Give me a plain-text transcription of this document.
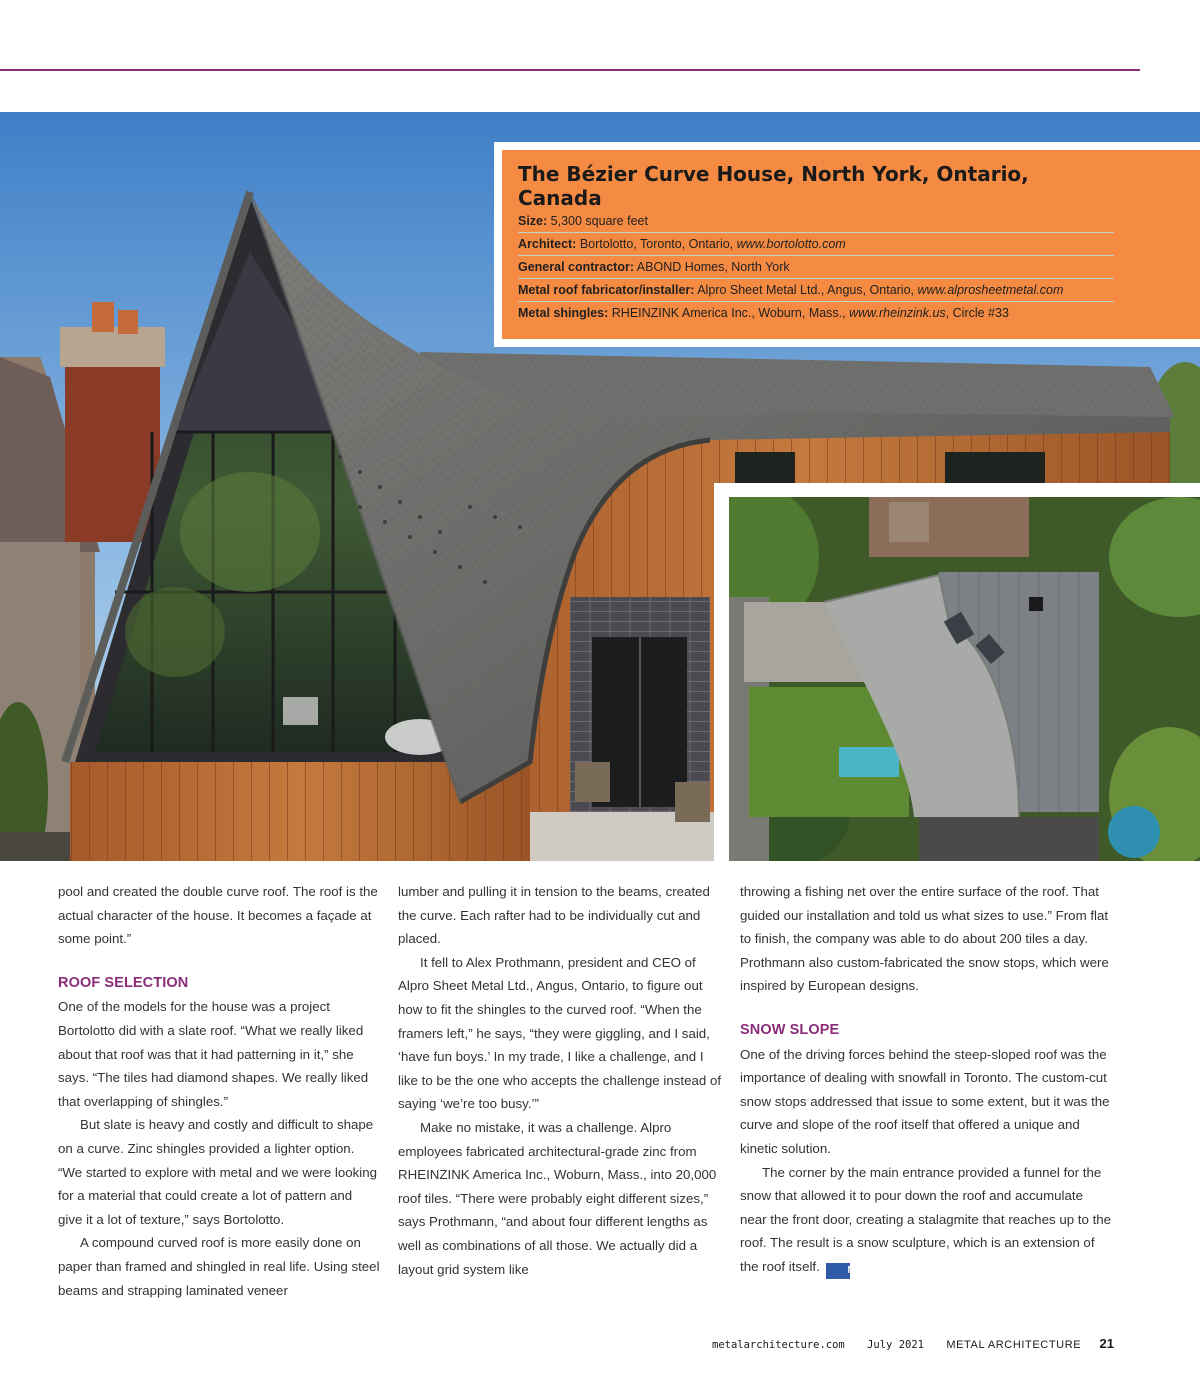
The Bézier Curve House, North York, Ontario, Canada
Size: 5,300 square feet
Architect: Bortolotto, Toronto, Ontario, www.bortolotto.com
General contractor: ABOND Homes, North York
Metal roof fabricator/installer: Alpro Sheet Metal Ltd., Angus, Ontario, www.alprosheetmetal.com
Metal shingles: RHEINZINK America Inc., Woburn, Mass., www.rheinzink.us, Circle #33

pool and created the double curve roof. The roof is the actual character of the house. It becomes a façade at some point.”

ROOF SELECTION

One of the models for the house was a project Bortolotto did with a slate roof. “What we really liked about that roof was that it had patterning in it,” she says. “The tiles had diamond shapes. We really liked that overlapping of shingles.”

But slate is heavy and costly and difficult to shape on a curve. Zinc shingles provided a lighter option. “We started to explore with metal and we were looking for a material that could create a lot of pattern and give it a lot of texture,” says Bortolotto.

A compound curved roof is more easily done on paper than framed and shingled in real life. Using steel beams and strapping laminated veneer

lumber and pulling it in tension to the beams, created the curve. Each rafter had to be individually cut and placed.

It fell to Alex Prothmann, president and CEO of Alpro Sheet Metal Ltd., Angus, Ontario, to figure out how to fit the shingles to the curved roof. “When the framers left,” he says, “they were giggling, and I said, ‘have fun boys.’ In my trade, I like a challenge, and I like to be the one who accepts the challenge instead of saying ‘we’re too busy.’”

Make no mistake, it was a challenge. Alpro employees fabricated architectural-grade zinc from RHEINZINK America Inc., Woburn, Mass., into 20,000 roof tiles. “There were probably eight different sizes,” says Prothmann, “and about four different lengths as well as combinations of all those. We actually did a layout grid system like

throwing a fishing net over the entire surface of the roof. That guided our installation and told us what sizes to use.” From flat to finish, the company was able to do about 200 tiles a day. Prothmann also custom-fabricated the snow stops, which were inspired by European designs.

SNOW SLOPE

One of the driving forces behind the steep-sloped roof was the importance of dealing with snowfall in Toronto. The custom-cut snow stops addressed that issue to some extent, but it was the curve and slope of the roof itself that offered a unique and kinetic solution.

The corner by the main entrance provided a funnel for the snow that allowed it to pour down the roof and accumulate near the front door, creating a stalagmite that reaches up to the roof. The result is a snow sculpture, which is an extension of the roof itself.	MA

metalarchitecture.com July 2021 METAL ARCHITECTURE 21
